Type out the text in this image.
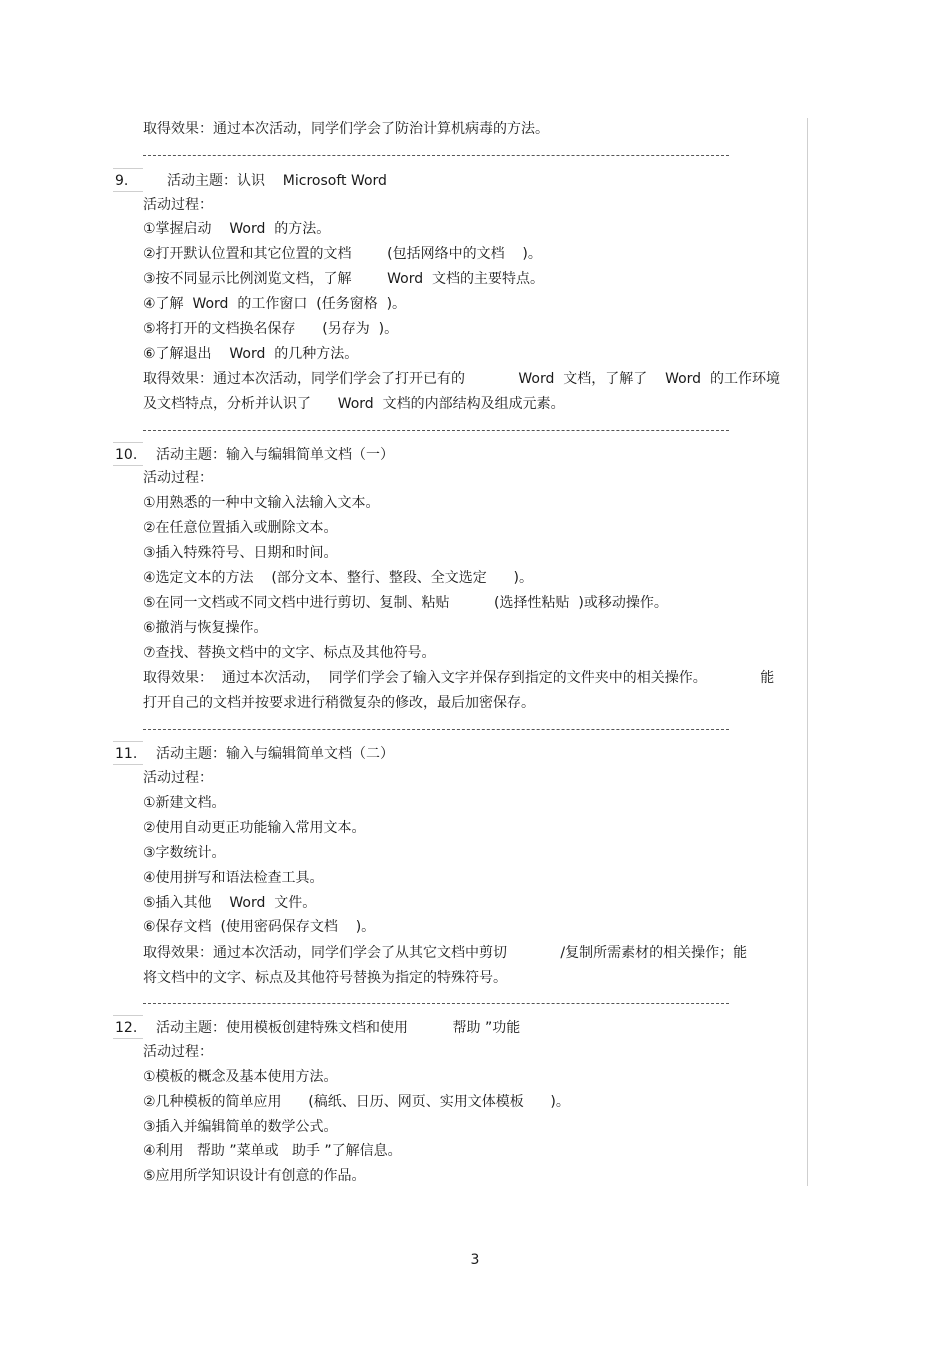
取得效果：通过本次活动，同学们学会了防治计算机病毒的方法。
9.	活动主题：认识    Microsoft Word
活动过程：
①掌握启动    Word  的方法。
②打开默认位置和其它位置的文档        (包括网络中的文档    )。
③按不同显示比例浏览文档，了解        Word  文档的主要特点。
④了解  Word  的工作窗口  (任务窗格  )。
⑤将打开的文档换名保存      (另存为  )。
⑥了解退出    Word  的几种方法。
取得效果：通过本次活动，同学们学会了打开已有的            Word  文档，了解了    Word  的工作环境
及文档特点，分析并认识了      Word  文档的内部结构及组成元素。
10. 活动主题：输入与编辑简单文档（一）
活动过程：
①用熟悉的一种中文输入法输入文本。
②在任意位置插入或删除文本。
③插入特殊符号、日期和时间。
④选定文本的方法    (部分文本、整行、整段、全文选定      )。
⑤在同一文档或不同文档中进行剪切、复制、粘贴          (选择性粘贴  )或移动操作。
⑥撤消与恢复操作。
⑦查找、替换文档中的文字、标点及其他符号。
取得效果：  通过本次活动，  同学们学会了输入文字并保存到指定的文件夹中的相关操作。            能
打开自己的文档并按要求进行稍微复杂的修改，最后加密保存。
11. 活动主题：输入与编辑简单文档（二）
活动过程：
①新建文档。
②使用自动更正功能输入常用文本。
③字数统计。
④使用拼写和语法检查工具。
⑤插入其他    Word  文件。
⑥保存文档  (使用密码保存文档    )。
取得效果：通过本次活动，同学们学会了从其它文档中剪切            /复制所需素材的相关操作；能
将文档中的文字、标点及其他符号替换为指定的特殊符号。
12. 活动主题：使用模板创建特殊文档和使用          帮助 ”功能
活动过程：
①模板的概念及基本使用方法。
②几种模板的简单应用      (稿纸、日历、网页、实用文体模板      )。
③插入并编辑简单的数学公式。
④利用   帮助 ”菜单或   助手 ”了解信息。
⑤应用所学知识设计有创意的作品。
3
